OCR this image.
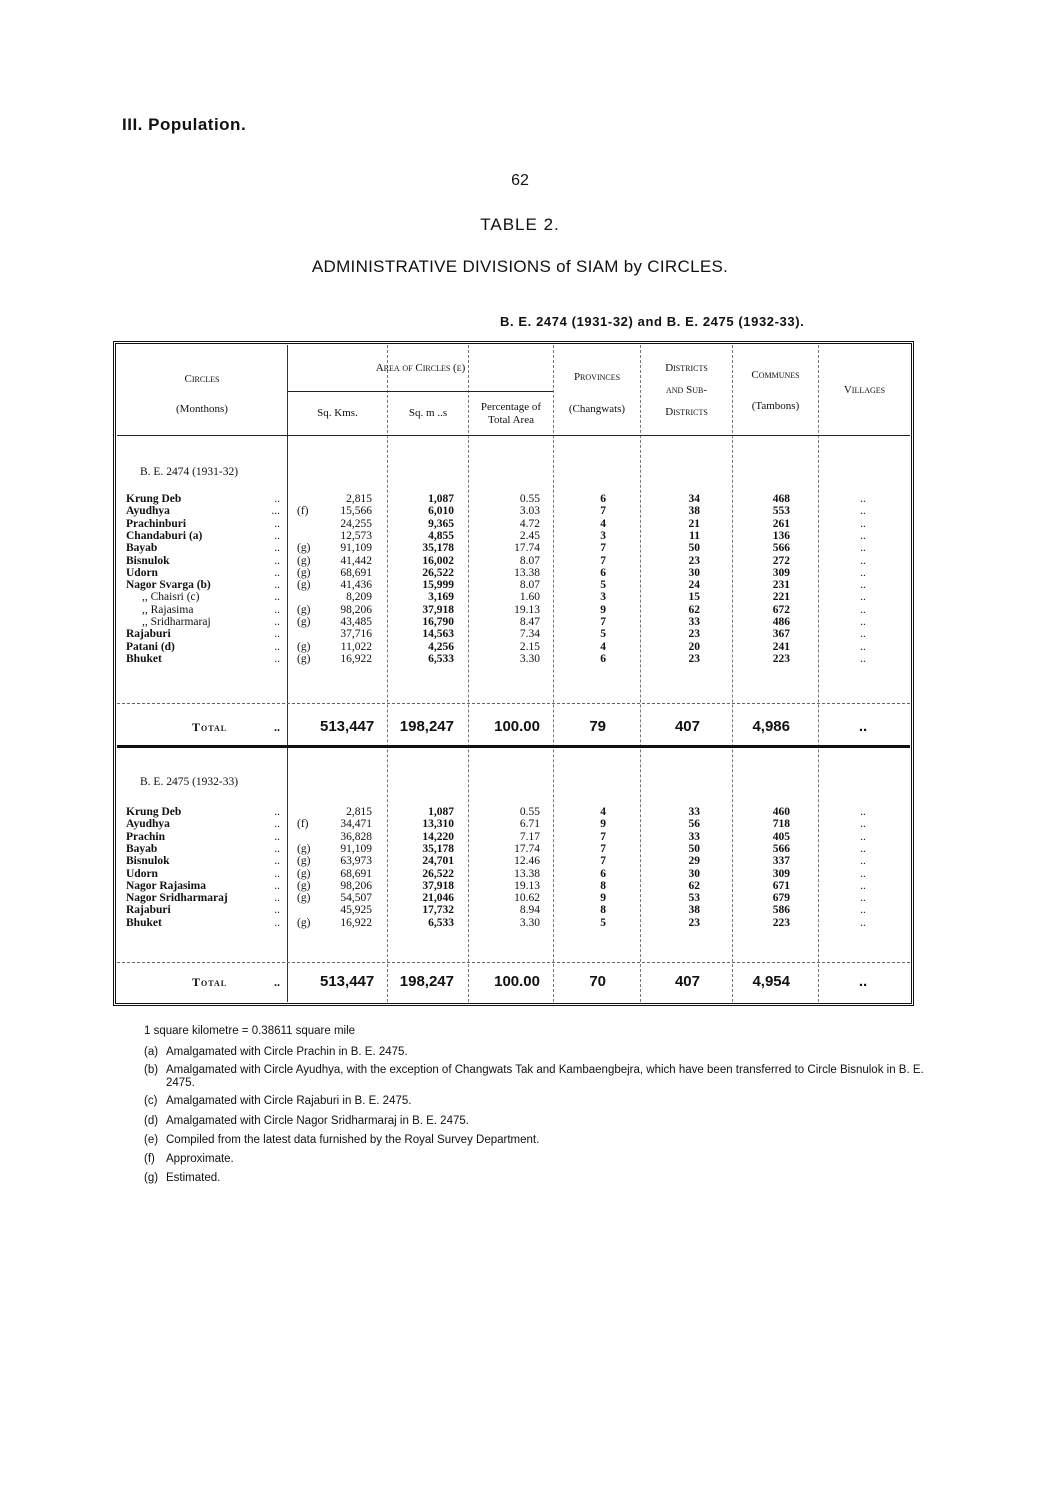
III. Population.
62
TABLE 2.
ADMINISTRATIVE DIVISIONS of SIAM by CIRCLES.
B. E. 2474 (1931-32) and B. E. 2475 (1932-33).
Circles
(Monthons)
Area of Circles (e)
Sq. Kms.	Sq. m ..s	Percentage of
Total Area
Provinces
(Changwats)
Districts
and Sub-
Districts
Communes
(Tambons)
Villages
B. E. 2474 (1931-32)
B. E. 2475 (1932-33)
Krung Deb	..	2,815	1,087	0.55	6	34	468	..
Ayudhya	... (f)	15,566	6,010	3.03	7	38	553	..
Prachinburi	..	24,255	9,365	4.72	4	21	261	..
Chandaburi (a)	..	12,573	4,855	2.45	3	11	136	..
Bayab	.. (g)	91,109	35,178	17.74	7	50	566	..
Bisnulok	.. (g)	41,442	16,002	8.07	7	23	272	..
Udorn	.. (g)	68,691	26,522	13.38	6	30	309	..
Nagor Svarga (b)	.. (g)	41,436	15,999	8.07	5	24	231	..
,, Chaisri (c)	..	8,209	3,169	1.60	3	15	221	..
,, Rajasima	.. (g)	98,206	37,918	19.13	9	62	672	..
,, Sridharmaraj	.. (g)	43,485	16,790	8.47	7	33	486	..
Rajaburi	..	37,716	14,563	7.34	5	23	367	..
Patani (d)	.. (g)	11,022	4,256	2.15	4	20	241	..
Bhuket	.. (g)	16,922	6,533	3.30	6	23	223	..
Total	..	513,447 198,247	100.00	79	407	4,986	..
Krung Deb	..	2,815	1,087	0.55	4	33	460	..
Ayudhya	.. (f)	34,471	13,310	6.71	9	56	718	..
Prachin	..	36,828	14,220	7.17	7	33	405	..
Bayab	.. (g)	91,109	35,178	17.74	7	50	566	..
Bisnulok	.. (g)	63,973	24,701	12.46	7	29	337	..
Udorn	.. (g)	68,691	26,522	13.38	6	30	309	..
Nagor Rajasima	.. (g)	98,206	37,918	19.13	8	62	671	..
Nagor Sridharmaraj	.. (g)	54,507	21,046	10.62	9	53	679	..
Rajaburi	..	45,925	17,732	8.94	8	38	586	..
Bhuket	.. (g)	16,922	6,533	3.30	5	23	223	..
Total	..	513,447 198,247	100.00	70	407	4,954	..
1 square kilometre = 0.38611 square mile
(a) Amalgamated with Circle Prachin in B. E. 2475.
(b) Amalgamated with Circle Ayudhya, with the exception of Changwats Tak and Kambaengbejra, which have been transferred to Circle Bisnulok in B. E. 2475.
(c) Amalgamated with Circle Rajaburi in B. E. 2475.
(d) Amalgamated with Circle Nagor Sridharmaraj in B. E. 2475.
(e) Compiled from the latest data furnished by the Royal Survey Department.
(f) Approximate.
(g) Estimated.
